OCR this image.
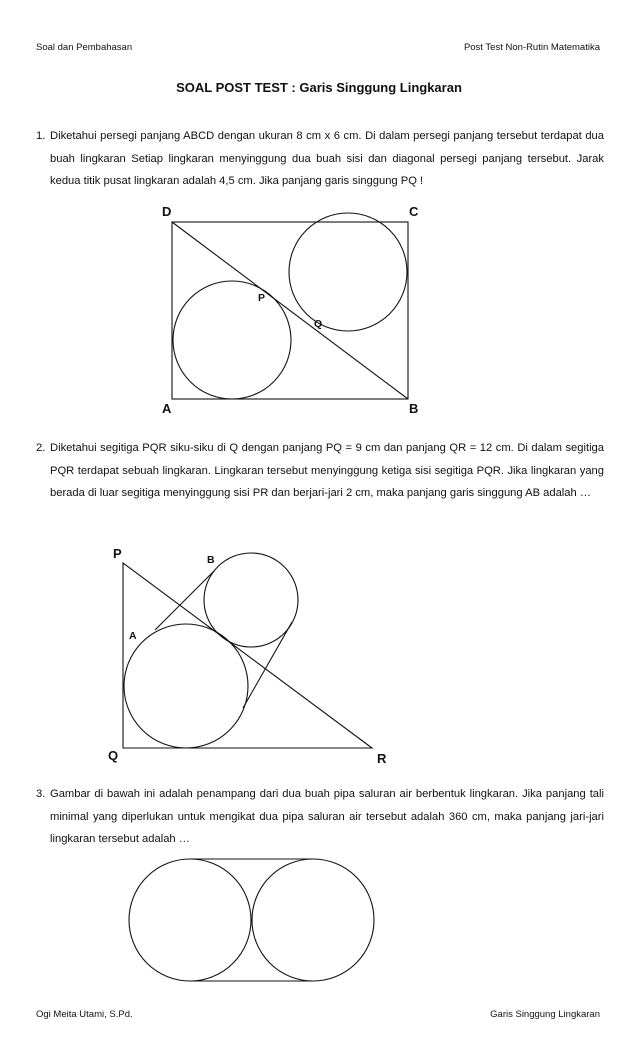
Soal dan Pembahasan	Post Test Non-Rutin Matematika
SOAL POST TEST : Garis Singgung Lingkaran
1. Diketahui persegi panjang ABCD dengan ukuran 8 cm x 6 cm. Di dalam persegi panjang tersebut terdapat dua buah lingkaran Setiap lingkaran menyinggung dua buah sisi dan diagonal persegi panjang tersebut. Jarak kedua titik pusat lingkaran adalah 4,5 cm. Jika panjang garis singgung PQ !
2. Diketahui segitiga PQR siku-siku di Q dengan panjang PQ = 9 cm dan panjang QR = 12 cm. Di dalam segitiga PQR terdapat sebuah lingkaran. Lingkaran tersebut menyinggung ketiga sisi segitiga PQR. Jika lingkaran yang berada di luar segitiga menyinggung sisi PR dan berjari-jari 2 cm, maka panjang garis singgung AB adalah …
3. Gambar di bawah ini adalah penampang dari dua buah pipa saluran air berbentuk lingkaran. Jika panjang tali minimal yang diperlukan untuk mengikat dua pipa saluran air tersebut adalah 360 cm, maka panjang jari-jari lingkaran tersebut adalah …
D	C
A	B
P
Q
P	B
A
Q	R
Ogi Meita Utami, S.Pd.	Garis Singgung Lingkaran
